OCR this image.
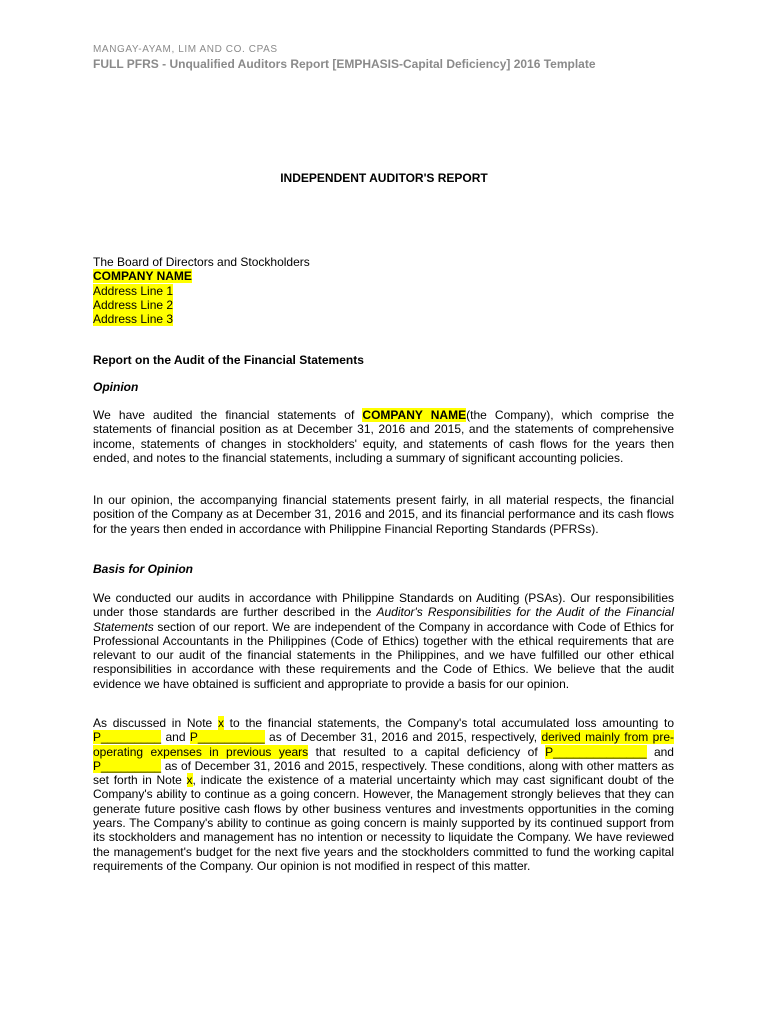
MANGAY-AYAM, LIM AND CO. CPAS
FULL PFRS - Unqualified Auditors Report [EMPHASIS-Capital Deficiency] 2016 Template
INDEPENDENT AUDITOR'S REPORT
The Board of Directors and Stockholders
COMPANY NAME
Address Line 1
Address Line 2
Address Line 3
Report on the Audit of the Financial Statements
Opinion

We have audited the financial statements of COMPANY NAME(the Company), which comprise the statements of financial position as at December 31, 2016 and 2015, and the statements of comprehensive income, statements of changes in stockholders' equity, and statements of cash flows for the years then ended, and notes to the financial statements, including a summary of significant accounting policies.

In our opinion, the accompanying financial statements present fairly, in all material respects, the financial position of the Company as at December 31, 2016 and 2015, and its financial performance and its cash flows for the years then ended in accordance with Philippine Financial Reporting Standards (PFRSs).

Basis for Opinion

We conducted our audits in accordance with Philippine Standards on Auditing (PSAs). Our responsibilities under those standards are further described in the Auditor's Responsibilities for the Audit of the Financial Statements section of our report. We are independent of the Company in accordance with Code of Ethics for Professional Accountants in the Philippines (Code of Ethics) together with the ethical requirements that are relevant to our audit of the financial statements in the Philippines, and we have fulfilled our other ethical responsibilities in accordance with these requirements and the Code of Ethics. We believe that the audit evidence we have obtained is sufficient and appropriate to provide a basis for our opinion.

As discussed in Note x to the financial statements, the Company's total accumulated loss amounting to P_________ and P__________ as of December 31, 2016 and 2015, respectively, derived mainly from pre-operating expenses in previous years that resulted to a capital deficiency of P______________ and P_________ as of December 31, 2016 and 2015, respectively. These conditions, along with other matters as set forth in Note x, indicate the existence of a material uncertainty which may cast significant doubt of the Company's ability to continue as a going concern. However, the Management strongly believes that they can generate future positive cash flows by other business ventures and investments opportunities in the coming years. The Company's ability to continue as going concern is mainly supported by its continued support from its stockholders and management has no intention or necessity to liquidate the Company. We have reviewed the management's budget for the next five years and the stockholders committed to fund the working capital requirements of the Company. Our opinion is not modified in respect of this matter.
